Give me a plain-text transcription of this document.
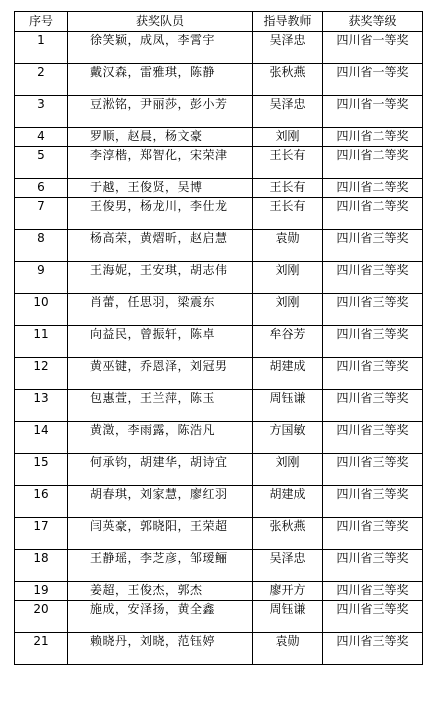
序号	获奖队员	指导教师	获奖等级
1	徐笑颖，成凤，李霄宇	吴泽忠	四川省一等奖
2	戴汉森，雷雅琪，陈静	张秋燕	四川省一等奖
3	豆淞铭，尹丽莎，彭小芳	吴泽忠	四川省一等奖
4	罗顺，赵晨，杨文豪	刘刚	四川省二等奖
5	李淳楷，郑智化，宋荣津	王长有	四川省二等奖
6	于越，王俊贤，吴博	王长有	四川省二等奖
7	王俊男，杨龙川，李仕龙	王长有	四川省二等奖
8	杨高荣，黄熠昕，赵启慧	袁勋	四川省三等奖
9	王海妮，王安琪，胡志伟	刘刚	四川省三等奖
10	肖蕾，任思羽，梁震东	刘刚	四川省三等奖
11	向益民，曾振轩，陈卓	牟谷芳	四川省三等奖
12	黄巫键，乔恩泽，刘冠男	胡建成	四川省三等奖
13	包惠萱，王兰萍，陈玉	周钰谦	四川省三等奖
14	黄澂，李雨露，陈浩凡	方国敏	四川省三等奖
15	何承钧，胡建华，胡诗宜	刘刚	四川省三等奖
16	胡春琪，刘家慧，廖红羽	胡建成	四川省三等奖
17	闫英豪，郭晓阳，王荣超	张秋燕	四川省三等奖
18	王静瑶，李芝彦，邹瑷鲡	吴泽忠	四川省三等奖
19	姜超，王俊杰，郭杰	廖开方	四川省三等奖
20	施成，安泽扬，黄全鑫	周钰谦	四川省三等奖
21	赖晓丹，刘晓，范钰婷	袁勋	四川省三等奖
